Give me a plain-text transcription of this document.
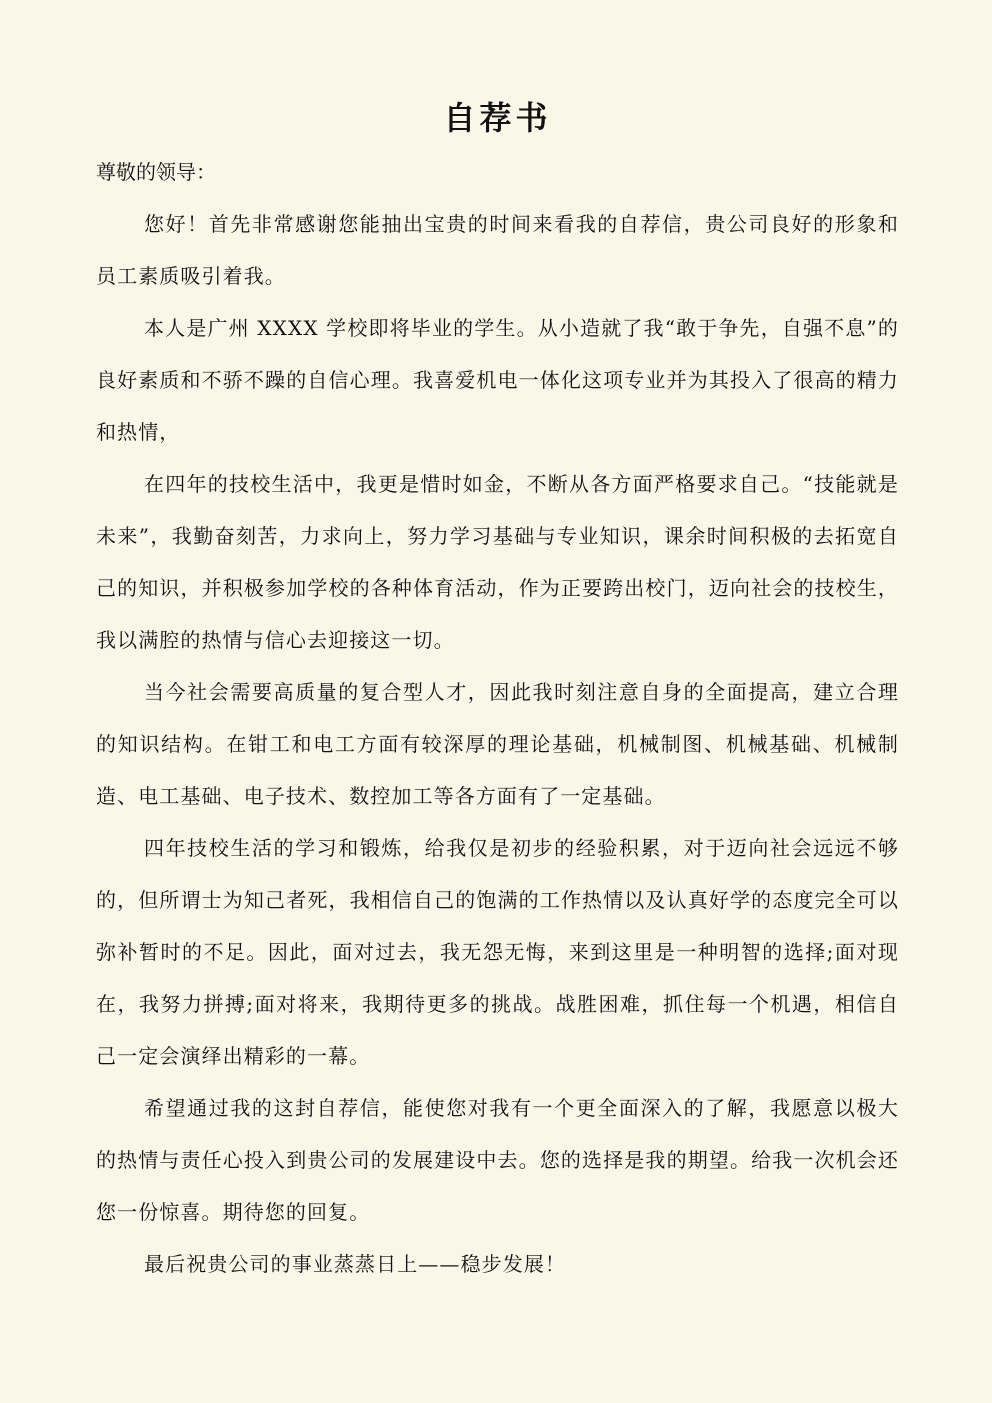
自荐书

尊敬的领导：

您好！首先非常感谢您能抽出宝贵的时间来看我的自荐信，贵公司良好的形象和员工素质吸引着我。

本人是广州 XXXX 学校即将毕业的学生。从小造就了我“敢于争先，自强不息”的良好素质和不骄不躁的自信心理。我喜爱机电一体化这项专业并为其投入了很高的精力和热情，

在四年的技校生活中，我更是惜时如金，不断从各方面严格要求自己。“技能就是未来”，我勤奋刻苦，力求向上，努力学习基础与专业知识，课余时间积极的去拓宽自己的知识，并积极参加学校的各种体育活动，作为正要跨出校门，迈向社会的技校生，我以满腔的热情与信心去迎接这一切。

当今社会需要高质量的复合型人才，因此我时刻注意自身的全面提高，建立合理的知识结构。在钳工和电工方面有较深厚的理论基础，机械制图、机械基础、机械制造、电工基础、电子技术、数控加工等各方面有了一定基础。

四年技校生活的学习和锻炼，给我仅是初步的经验积累，对于迈向社会远远不够的，但所谓士为知己者死，我相信自己的饱满的工作热情以及认真好学的态度完全可以弥补暂时的不足。因此，面对过去，我无怨无悔，来到这里是一种明智的选择;面对现在，我努力拼搏;面对将来，我期待更多的挑战。战胜困难，抓住每一个机遇，相信自己一定会演绎出精彩的一幕。

希望通过我的这封自荐信，能使您对我有一个更全面深入的了解，我愿意以极大的热情与责任心投入到贵公司的发展建设中去。您的选择是我的期望。给我一次机会还您一份惊喜。期待您的回复。

最后祝贵公司的事业蒸蒸日上——稳步发展！
